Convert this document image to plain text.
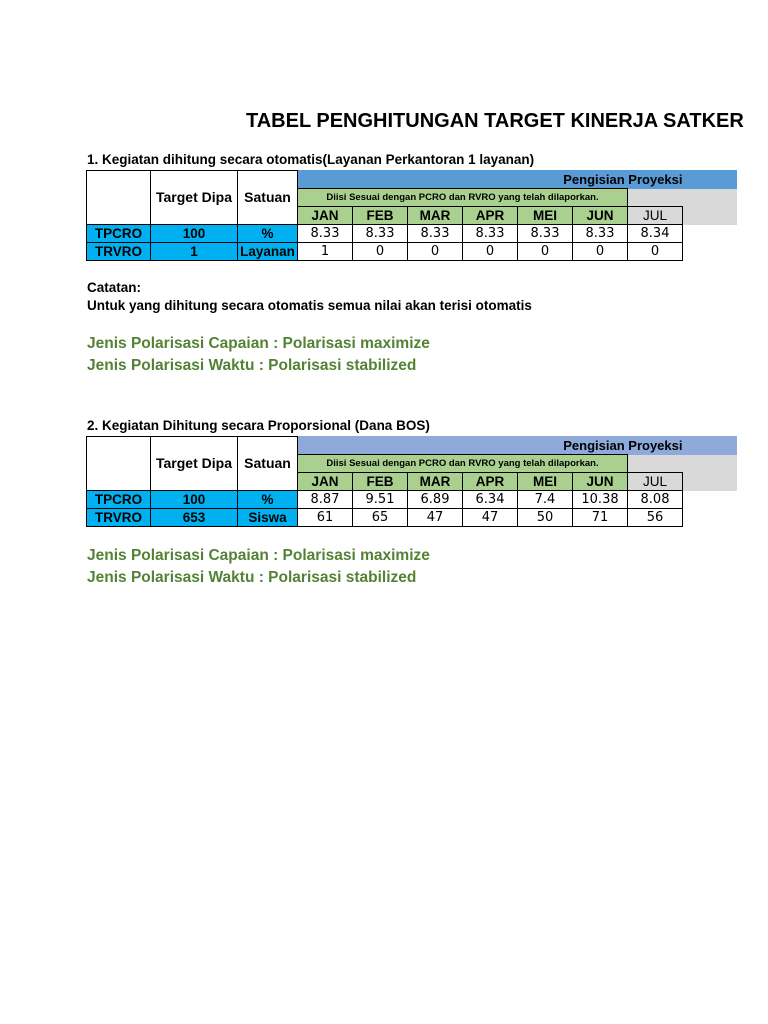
TABEL PENGHITUNGAN TARGET KINERJA SATKER
1. Kegiatan dihitung secara otomatis(Layanan Perkantoran 1 layanan)
	Target Dipa	Satuan	Pengisian Proyeksi							
			Diisi Sesuai dengan PCRO dan RVRO yang telah dilaporkan.							
			JAN	FEB	MAR	APR	MEI	JUN	JUL	
TPCRO	100	%	8.33	8.33	8.33	8.33	8.33	8.33	8.34	
TRVRO	1	Layanan	1	0	0	0	0	0	0	
Catatan:
Untuk yang dihitung secara otomatis semua nilai akan terisi otomatis
Jenis Polarisasi Capaian : Polarisasi maximize
Jenis Polarisasi Waktu : Polarisasi stabilized
2. Kegiatan Dihitung secara Proporsional (Dana BOS)
	Target Dipa	Satuan	Pengisian Proyeksi							
			Diisi Sesuai dengan PCRO dan RVRO yang telah dilaporkan.							
			JAN	FEB	MAR	APR	MEI	JUN	JUL	
TPCRO	100	%	8.87	9.51	6.89	6.34	7.4	10.38	8.08	
TRVRO	653	Siswa	61	65	47	47	50	71	56	
Jenis Polarisasi Capaian : Polarisasi maximize
Jenis Polarisasi Waktu : Polarisasi stabilized
